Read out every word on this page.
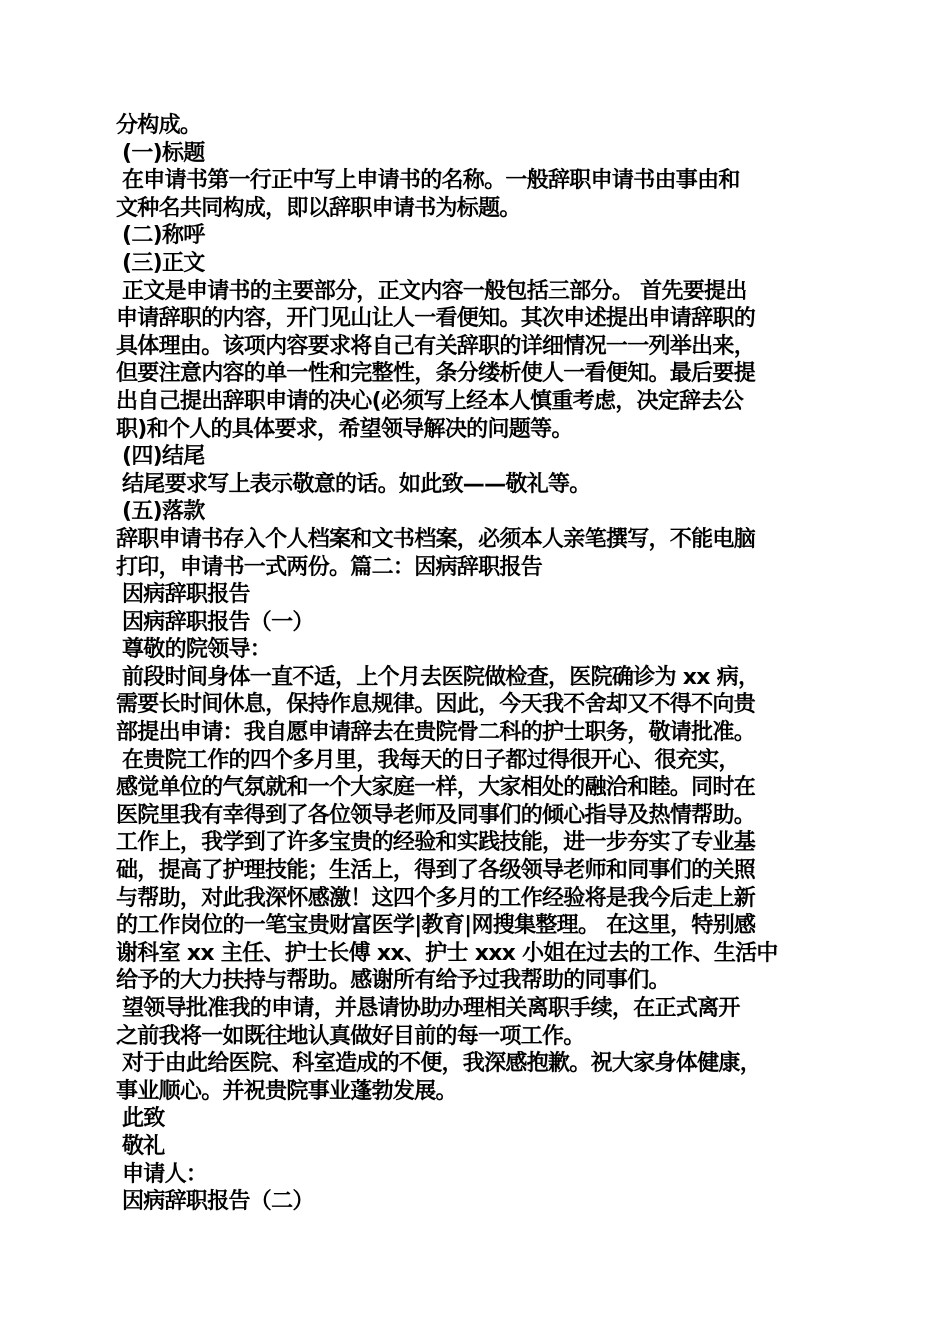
分构成。
(一)标题
在申请书第一行正中写上申请书的名称。一般辞职申请书由事由和
文种名共同构成，即以辞职申请书为标题。
(二)称呼
(三)正文
正文是申请书的主要部分，正文内容一般包括三部分。 首先要提出
申请辞职的内容，开门见山让人一看便知。其次申述提出申请辞职的
具体理由。该项内容要求将自己有关辞职的详细情况一一列举出来，
但要注意内容的单一性和完整性，条分缕析使人一看便知。最后要提
出自己提出辞职申请的决心(必须写上经本人慎重考虑，决定辞去公
职)和个人的具体要求，希望领导解决的问题等。
(四)结尾
结尾要求写上表示敬意的话。如此致——敬礼等。
(五)落款
辞职申请书存入个人档案和文书档案，必须本人亲笔撰写，不能电脑
打印，申请书一式两份。篇二：因病辞职报告
因病辞职报告
因病辞职报告（一）
尊敬的院领导：
前段时间身体一直不适，上个月去医院做检查，医院确诊为 xx 病，
需要长时间休息，保持作息规律。因此，今天我不舍却又不得不向贵
部提出申请：我自愿申请辞去在贵院骨二科的护士职务，敬请批准。
在贵院工作的四个多月里，我每天的日子都过得很开心、很充实，
感觉单位的气氛就和一个大家庭一样，大家相处的融洽和睦。同时在
医院里我有幸得到了各位领导老师及同事们的倾心指导及热情帮助。
工作上，我学到了许多宝贵的经验和实践技能，进一步夯实了专业基
础，提高了护理技能；生活上，得到了各级领导老师和同事们的关照
与帮助，对此我深怀感激！这四个多月的工作经验将是我今后走上新
的工作岗位的一笔宝贵财富医学|教育|网搜集整理。 在这里，特别感
谢科室 xx 主任、护士长傅 xx、护士 xxx 小姐在过去的工作、生活中
给予的大力扶持与帮助。感谢所有给予过我帮助的同事们。
望领导批准我的申请，并恳请协助办理相关离职手续，在正式离开
之前我将一如既往地认真做好目前的每一项工作。
对于由此给医院、科室造成的不便，我深感抱歉。祝大家身体健康，
事业顺心。并祝贵院事业蓬勃发展。
此致
敬礼
申请人：
因病辞职报告（二）
